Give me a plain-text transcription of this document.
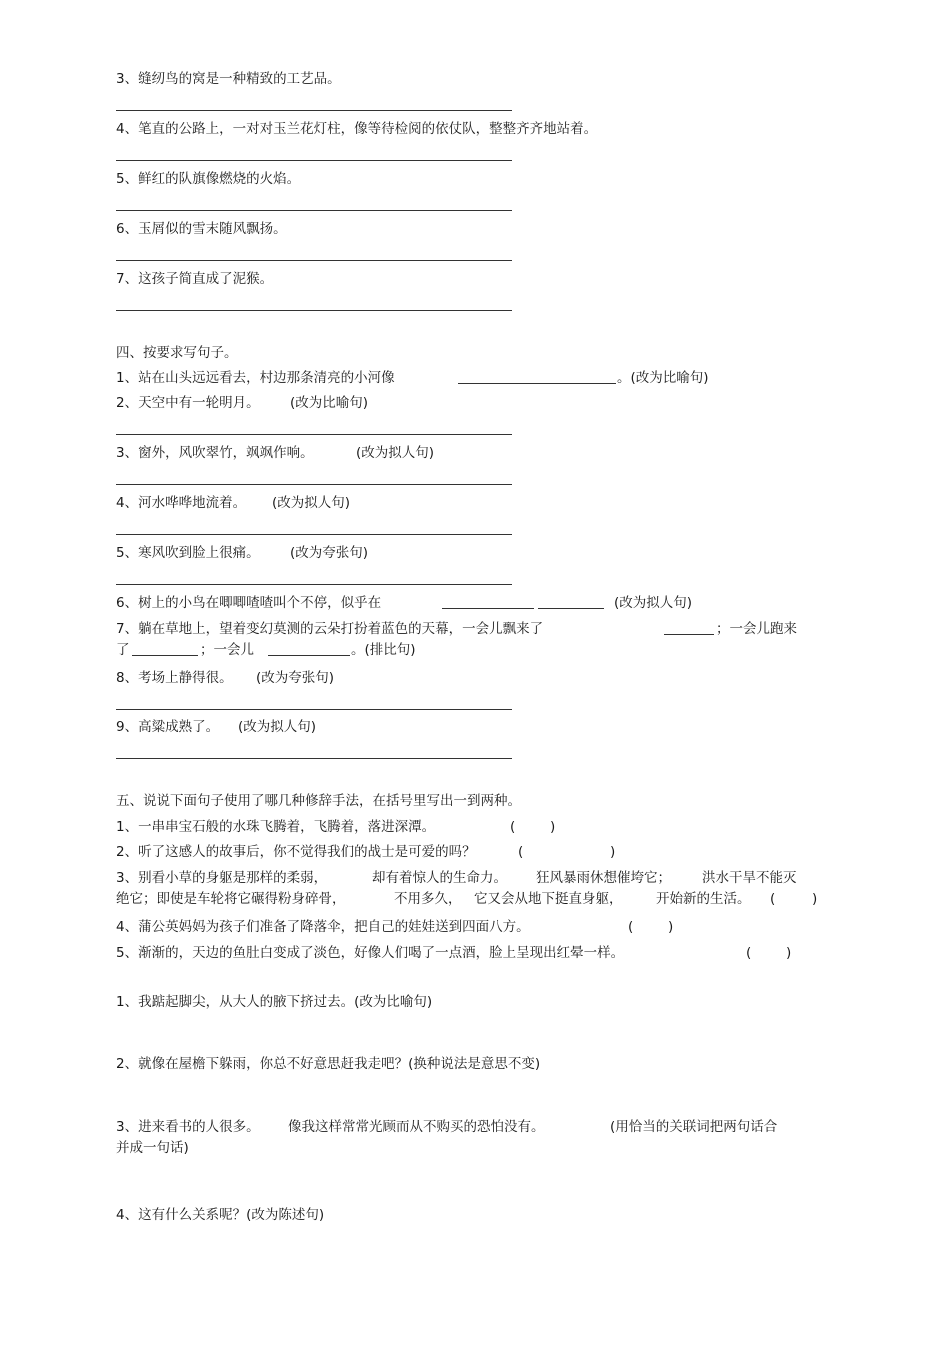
3、缝纫鸟的窝是一种精致的工艺品。
4、笔直的公路上，一对对玉兰花灯柱，像等待检阅的依仗队，整整齐齐地站着。
5、鲜红的队旗像燃烧的火焰。
6、玉屑似的雪末随风飘扬。
7、这孩子简直成了泥猴。
四、按要求写句子。
1、站在山头远远看去，村边那条清亮的小河像	。(改为比喻句)
2、天空中有一轮明月。 (改为比喻句)
3、窗外，风吹翠竹，飒飒作响。	(改为拟人句)
4、河水哗哗地流着。 (改为拟人句)
5、寒风吹到脸上很痛。 (改为夸张句)
6、树上的小鸟在唧唧喳喳叫个不停，似乎在	(改为拟人句)
7、躺在草地上，望着变幻莫测的云朵打扮着蓝色的天幕，一会儿飘来了	；一会儿跑来
了	；一会儿	。(排比句)
8、考场上静得很。 (改为夸张句)
9、高粱成熟了。 (改为拟人句)
五、说说下面句子使用了哪几种修辞手法，在括号里写出一到两种。
1、一串串宝石般的水珠飞腾着，飞腾着，落进深潭。	(	)
2、听了这感人的故事后，你不觉得我们的战士是可爱的吗？	(	)
3、别看小草的身躯是那样的柔弱，	却有着惊人的生命力。 狂风暴雨休想催垮它； 洪水干旱不能灭
绝它；即使是车轮将它碾得粉身碎骨，	不用多久， 它又会从地下挺直身躯， 开始新的生活。 (	)
4、蒲公英妈妈为孩子们准备了降落伞，把自己的娃娃送到四面八方。	(	)
5、渐渐的，天边的鱼肚白变成了淡色，好像人们喝了一点酒，脸上呈现出红晕一样。	(	)
1、我踮起脚尖，从大人的腋下挤过去。(改为比喻句)
2、就像在屋檐下躲雨，你总不好意思赶我走吧？(换种说法是意思不变)
3、进来看书的人很多。 像我这样常常光顾而从不购买的恐怕没有。	(用恰当的关联词把两句话合
并成一句话)
4、这有什么关系呢？(改为陈述句)
